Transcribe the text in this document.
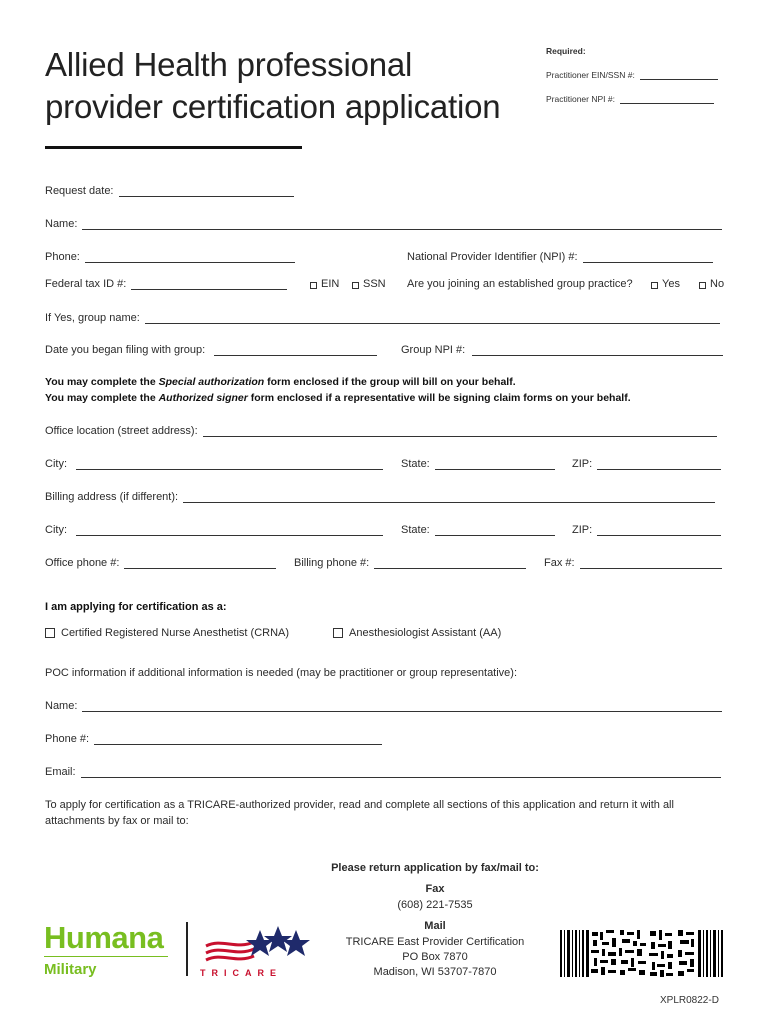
Allied Health professional
provider certification application
Required:
Practitioner EIN/SSN #:
Practitioner NPI #:
Request date:
Name:
Phone:	National Provider Identifier (NPI) #:
Federal tax ID #:	EIN SSN Are you joining an established group practice?	Yes	No
If Yes, group name:
Date you began filing with group:	Group NPI #:
You may complete the Special authorization form enclosed if the group will bill on your behalf.
You may complete the Authorized signer form enclosed if a representative will be signing claim forms on your behalf.
Office location (street address):
City:	State:	ZIP:
Billing address (if different):
City:	State:	ZIP:
Office phone #:	Billing phone #:	Fax #:
I am applying for certification as a:
Certified Registered Nurse Anesthetist (CRNA)	Anesthesiologist Assistant (AA)
POC information if additional information is needed (may be practitioner or group representative):
Name:
Phone #:
Email:
To apply for certification as a TRICARE-authorized provider, read and complete all sections of this application and return it with all
attachments by fax or mail to:
Please return application by fax/mail to:
Fax
(608) 221-7535
Mail
TRICARE East Provider Certification
PO Box 7870
Madison, WI 53707-7870
Humana
Military	TRICARE
XPLR0822-D
